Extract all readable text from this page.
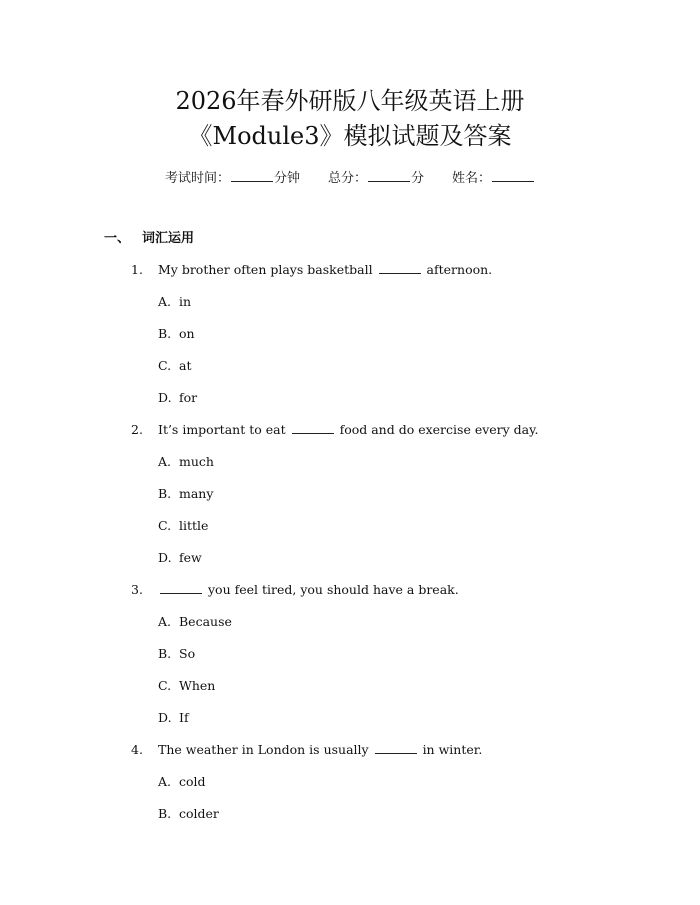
2026年春外研版八年级英语上册
《Module3》模拟试题及答案
考试时间：	分钟 总分：	分 姓名：
一、 词汇运用
1. My brother often plays basketball	afternoon.
A. in
B. on
C. at
D. for
2. It’s important to eat	food and do exercise every day.
A. much
B. many
C. little
D. few
3.	you feel tired, you should have a break.
A. Because
B. So
C. When
D. If
4. The weather in London is usually	in winter.
A. cold
B. colder
